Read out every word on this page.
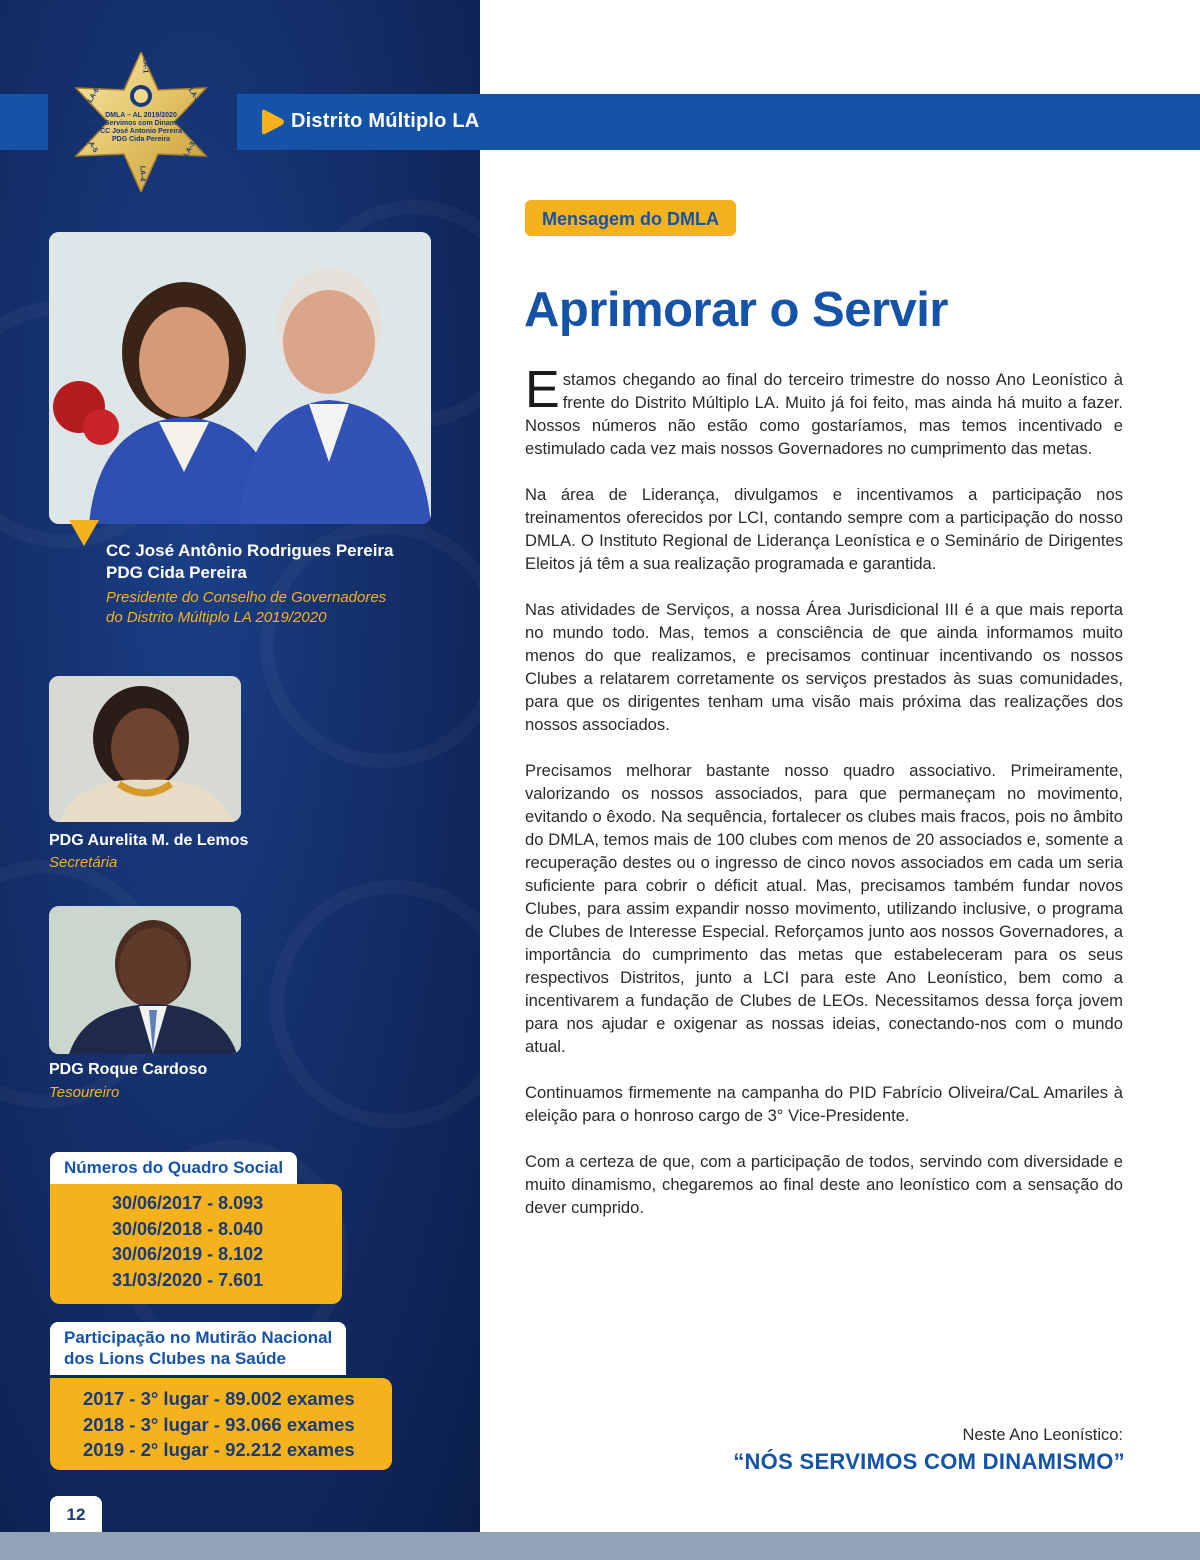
Distrito Múltiplo LA
DMLA – AL 2019/2020
Nós Servimos com Dinamismo
CC José Antonio Pereira
PDG Cida Pereira
LA-1
LA-2
LA-3
LA-4
LA-5
LA-6
CC José Antônio Rodrigues Pereira
PDG Cida Pereira
Presidente do Conselho de Governadores
do Distrito Múltiplo LA 2019/2020
PDG Aurelita M. de Lemos
Secretária
PDG Roque Cardoso
Tesoureiro
Números do Quadro Social
30/06/2017 - 8.093
30/06/2018 - 8.040
30/06/2019 - 8.102
31/03/2020 - 7.601
Participação no Mutirão Nacional
dos Lions Clubes na Saúde
2017 - 3° lugar - 89.002 exames
2018 - 3° lugar - 93.066 exames
2019 - 2° lugar - 92.212 exames
12
Mensagem do DMLA
Aprimorar o Servir

Estamos chegando ao final do terceiro trimestre do nosso Ano Leonístico à frente do Distrito Múltiplo LA. Muito já foi feito, mas ainda há muito a fazer. Nossos números não estão como gostaríamos, mas temos incentivado e estimulado cada vez mais nossos Governadores no cumprimento das metas.

Na área de Liderança, divulgamos e incentivamos a participação nos treinamentos oferecidos por LCI, contando sempre com a participação do nosso DMLA. O Instituto Regional de Liderança Leonística e o Seminário de Dirigentes Eleitos já têm a sua realização programada e garantida.

Nas atividades de Serviços, a nossa Área Jurisdicional III é a que mais reporta no mundo todo. Mas, temos a consciência de que ainda informamos muito menos do que realizamos, e precisamos continuar incentivando os nossos Clubes a relatarem corretamente os serviços prestados às suas comunidades, para que os dirigentes tenham uma visão mais próxima das realizações dos nossos associados.

Precisamos melhorar bastante nosso quadro associativo. Primeiramente, valorizando os nossos associados, para que permaneçam no movimento, evitando o êxodo. Na sequência, fortalecer os clubes mais fracos, pois no âmbito do DMLA, temos mais de 100 clubes com menos de 20 associados e, somente a recuperação destes ou o ingresso de cinco novos associados em cada um seria suficiente para cobrir o déficit atual. Mas, precisamos também fundar novos Clubes, para assim expandir nosso movimento, utilizando inclusive, o programa de Clubes de Interesse Especial. Reforçamos junto aos nossos Governadores, a importância do cumprimento das metas que estabeleceram para os seus respectivos Distritos, junto a LCI para este Ano Leonístico, bem como a incentivarem a fundação de Clubes de LEOs. Necessitamos dessa força jovem para nos ajudar e oxigenar as nossas ideias, conectando-nos com o mundo atual.

Continuamos firmemente na campanha do PID Fabrício Oliveira/CaL Amariles à eleição para o honroso cargo de 3° Vice-Presidente.

Com a certeza de que, com a participação de todos, servindo com diversidade e muito dinamismo, chegaremos ao final deste ano leonístico com a sensação do dever cumprido.

Neste Ano Leonístico:
“NÓS SERVIMOS COM DINAMISMO”
